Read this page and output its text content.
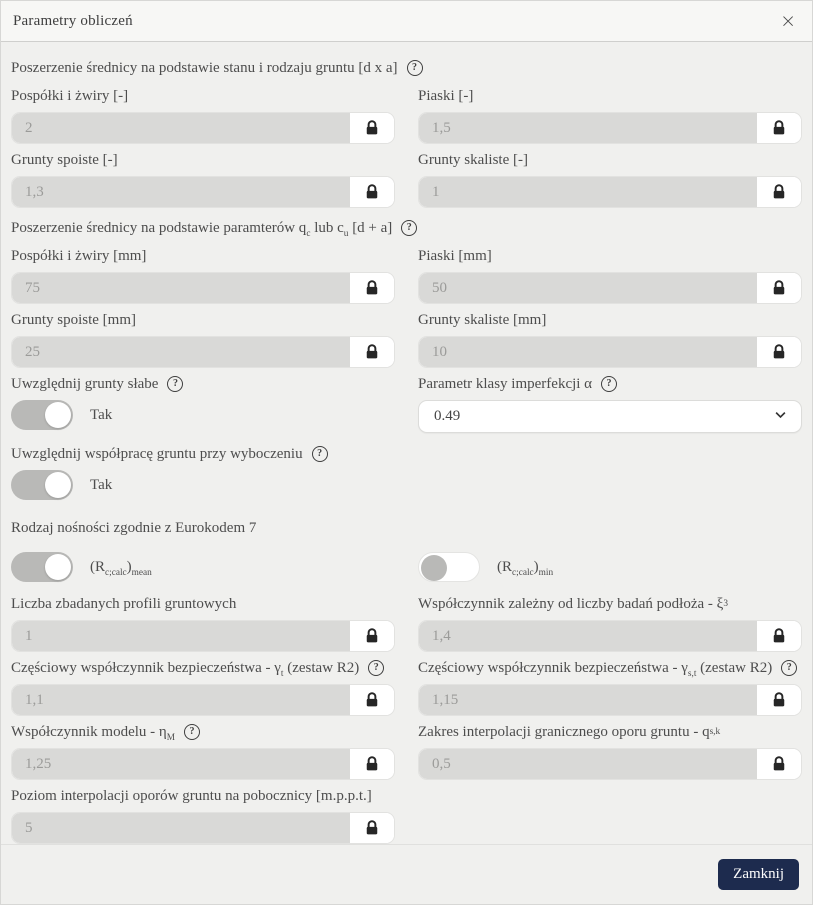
Parametry obliczeń	×
Poszerzenie średnicy na podstawie stanu i rodzaju gruntu [d x a]	?
Pospółki i żwiry [-]
2
Piaski [-]
1,5
Grunty spoiste [-]
1,3
Grunty skaliste [-]
1
Poszerzenie średnicy na podstawie paramterów $q_c$ lub $c_u$ [d + a]	?
Pospółki i żwiry [mm]
75
Piaski [mm]
50
Grunty spoiste [mm]
25
Grunty skaliste [mm]
10
Uwzględnij grunty słabe	?
Tak
Parametr klasy imperfekcji α	?
0.49
Uwzględnij współpracę gruntu przy wyboczeniu	?
Tak
Rodzaj nośności zgodnie z Eurokodem 7
$(R_{c;calc})_{mean}$	$(R_{c;calc})_{min}$
Liczba zbadanych profili gruntowych
1
Współczynnik zależny od liczby badań podłoża - ξ 3
1,4
Częściowy współczynnik bezpieczeństwa - $\gamma_t$ (zestaw R2)	?
1,1
Częściowy współczynnik bezpieczeństwa - $\gamma_{s,t}$ (zestaw R2)	?
1,15
Współczynnik modelu - $\eta_M$
?
1,25
Zakres interpolacji granicznego oporu gruntu - q s,k
0,5
Poziom interpolacji oporów gruntu na pobocznicy [m.p.p.t.]
5
Zamknij
